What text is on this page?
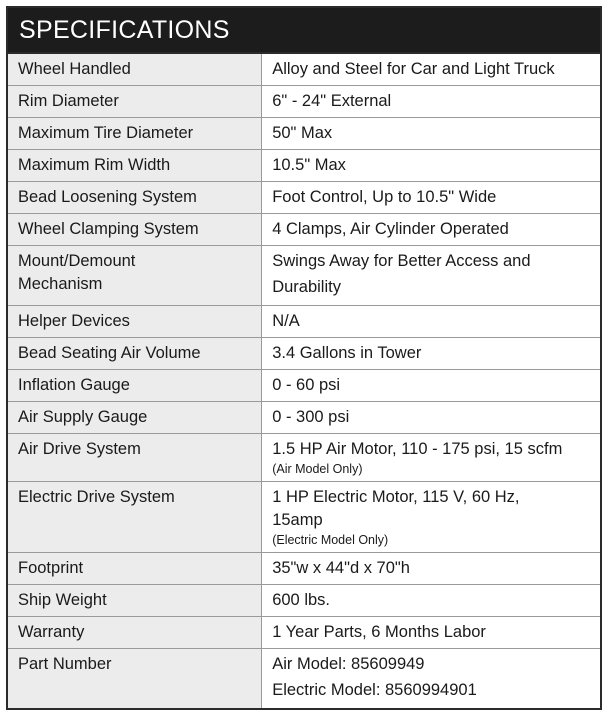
SPECIFICATIONS
Wheel Handled	Alloy and Steel for Car and Light Truck
Rim Diameter	6" - 24" External
Maximum Tire Diameter	50" Max
Maximum Rim Width	10.5" Max
Bead Loosening System	Foot Control, Up to 10.5" Wide
Wheel Clamping System	4 Clamps, Air Cylinder Operated

Mount/Demount
Mechanism	Swings Away for Better Access and
Durability

Helper Devices	N/A
Bead Seating Air Volume	3.4 Gallons in Tower
Inflation Gauge	0 - 60 psi
Air Supply Gauge	0 - 300 psi
Air Drive System	1.5 HP Air Motor, 110 - 175 psi, 15 scfm
(Air Model Only)

Electric Drive System	1 HP Electric Motor, 115 V, 60 Hz,
15amp
(Electric Model Only)

Footprint	35"w x 44"d x 70"h
Ship Weight	600 lbs.
Warranty	1 Year Parts, 6 Months Labor
Part Number	Air Model: 85609949
Electric Model: 8560994901
